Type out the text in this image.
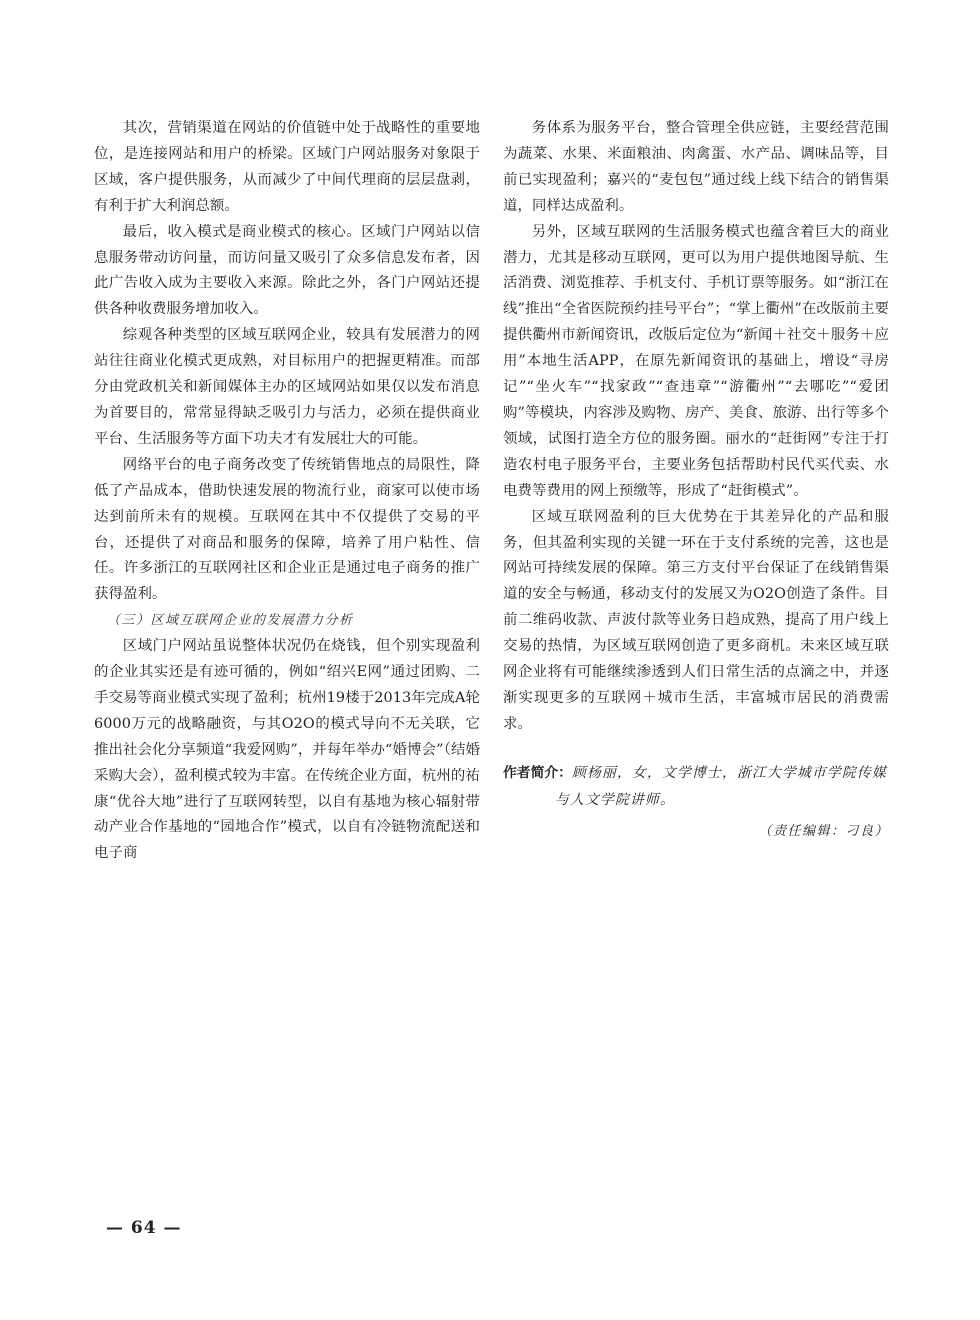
其次，营销渠道在网站的价值链中处于战略性的重要地位，是连接网站和用户的桥梁。区域门户网站服务对象限于区域，客户提供服务，从而减少了中间代理商的层层盘剥，有利于扩大利润总额。

最后，收入模式是商业模式的核心。区域门户网站以信息服务带动访问量，而访问量又吸引了众多信息发布者，因此广告收入成为主要收入来源。除此之外，各门户网站还提供各种收费服务增加收入。

综观各种类型的区域互联网企业，较具有发展潜力的网站往往商业化模式更成熟，对目标用户的把握更精准。而部分由党政机关和新闻媒体主办的区域网站如果仅以发布消息为首要目的，常常显得缺乏吸引力与活力，必须在提供商业平台、生活服务等方面下功夫才有发展壮大的可能。

网络平台的电子商务改变了传统销售地点的局限性，降低了产品成本，借助快速发展的物流行业，商家可以使市场达到前所未有的规模。互联网在其中不仅提供了交易的平台，还提供了对商品和服务的保障，培养了用户粘性、信任。许多浙江的互联网社区和企业正是通过电子商务的推广获得盈利。

（三）区域互联网企业的发展潜力分析

区域门户网站虽说整体状况仍在烧钱，但个别实现盈利的企业其实还是有迹可循的，例如“绍兴E网”通过团购、二手交易等商业模式实现了盈利；杭州19楼于2013年完成A轮6000万元的战略融资，与其O2O的模式导向不无关联，它推出社会化分享频道“我爱网购”，并每年举办“婚博会”（结婚采购大会），盈利模式较为丰富。在传统企业方面，杭州的祐康“优谷大地”进行了互联网转型，以自有基地为核心辐射带动产业合作基地的“园地合作”模式，以自有冷链物流配送和电子商

务体系为服务平台，整合管理全供应链，主要经营范围为蔬菜、水果、米面粮油、肉禽蛋、水产品、调味品等，目前已实现盈利；嘉兴的“麦包包”通过线上线下结合的销售渠道，同样达成盈利。

另外，区域互联网的生活服务模式也蕴含着巨大的商业潜力，尤其是移动互联网，更可以为用户提供地图导航、生活消费、浏览推荐、手机支付、手机订票等服务。如“浙江在线”推出“全省医院预约挂号平台”；“掌上衢州”在改版前主要提供衢州市新闻资讯，改版后定位为“新闻＋社交＋服务＋应用”本地生活APP，在原先新闻资讯的基础上，增设“寻房记”“坐火车”“找家政”“查违章”“游衢州”“去哪吃”“爱团购”等模块，内容涉及购物、房产、美食、旅游、出行等多个领域，试图打造全方位的服务圈。丽水的“赶街网”专注于打造农村电子服务平台，主要业务包括帮助村民代买代卖、水电费等费用的网上预缴等，形成了“赶街模式”。

区域互联网盈利的巨大优势在于其差异化的产品和服务，但其盈利实现的关键一环在于支付系统的完善，这也是网站可持续发展的保障。第三方支付平台保证了在线销售渠道的安全与畅通，移动支付的发展又为O2O创造了条件。目前二维码收款、声波付款等业务日趋成熟，提高了用户线上交易的热情，为区域互联网创造了更多商机。未来区域互联网企业将有可能继续渗透到人们日常生活的点滴之中，并逐渐实现更多的互联网＋城市生活，丰富城市居民的消费需求。

作者简介：顾杨丽，女，文学博士，浙江大学城市学院传媒
与人文学院讲师。
（责任编辑：刁良）
— 64 —
